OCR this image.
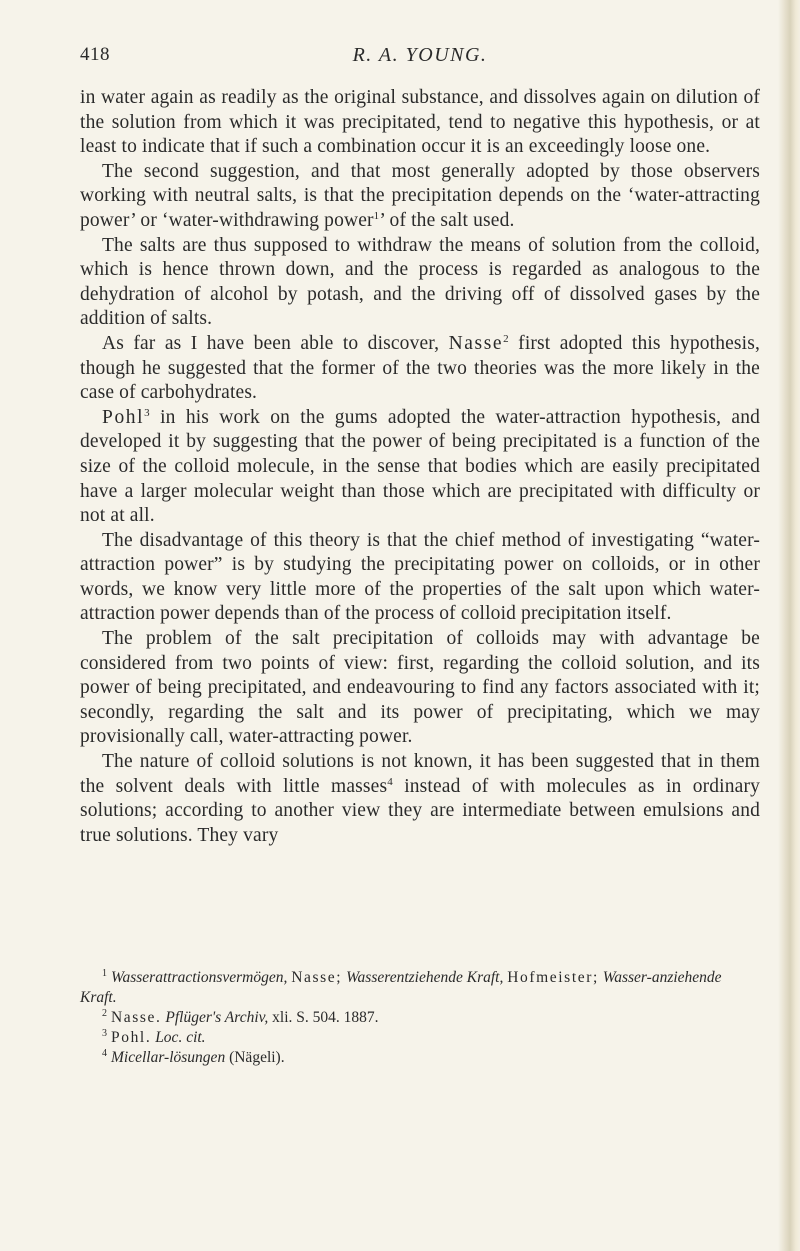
418	R. A. YOUNG.

in water again as readily as the original substance, and dissolves again on dilution of the solution from which it was precipitated, tend to negative this hypothesis, or at least to indicate that if such a combination occur it is an exceedingly loose one.

The second suggestion, and that most generally adopted by those observers working with neutral salts, is that the precipitation depends on the ‘water-attracting power’ or ‘water-withdrawing power$^1$’ of the salt used.

The salts are thus supposed to withdraw the means of solution from the colloid, which is hence thrown down, and the process is regarded as analogous to the dehydration of alcohol by potash, and the driving off of dissolved gases by the addition of salts.

As far as I have been able to discover, Nasse$^2$ first adopted this hypothesis, though he suggested that the former of the two theories was the more likely in the case of carbohydrates.

Pohl$^3$ in his work on the gums adopted the water-attraction hypothesis, and developed it by suggesting that the power of being precipitated is a function of the size of the colloid molecule, in the sense that bodies which are easily precipitated have a larger molecular weight than those which are precipitated with difficulty or not at all.

The disadvantage of this theory is that the chief method of investigating “water-attraction power” is by studying the precipitating power on colloids, or in other words, we know very little more of the properties of the salt upon which water-attraction power depends than of the process of colloid precipitation itself.

The problem of the salt precipitation of colloids may with advantage be considered from two points of view: first, regarding the colloid solution, and its power of being precipitated, and endeavouring to find any factors associated with it; secondly, regarding the salt and its power of precipitating, which we may provisionally call, water-attracting power.

The nature of colloid solutions is not known, it has been suggested that in them the solvent deals with little masses$^4$ instead of with molecules as in ordinary solutions; according to another view they are intermediate between emulsions and true solutions. They vary

$^1$ Wasserattractionsvermögen, Nasse; Wasserentziehende Kraft, Hofmeister; Wasser-anziehende Kraft.
$^2$ Nasse. Pflüger's Archiv, xli. S. 504. 1887.
$^3$ Pohl. Loc. cit.
$^4$ Micellar-lösungen (Nägeli).
